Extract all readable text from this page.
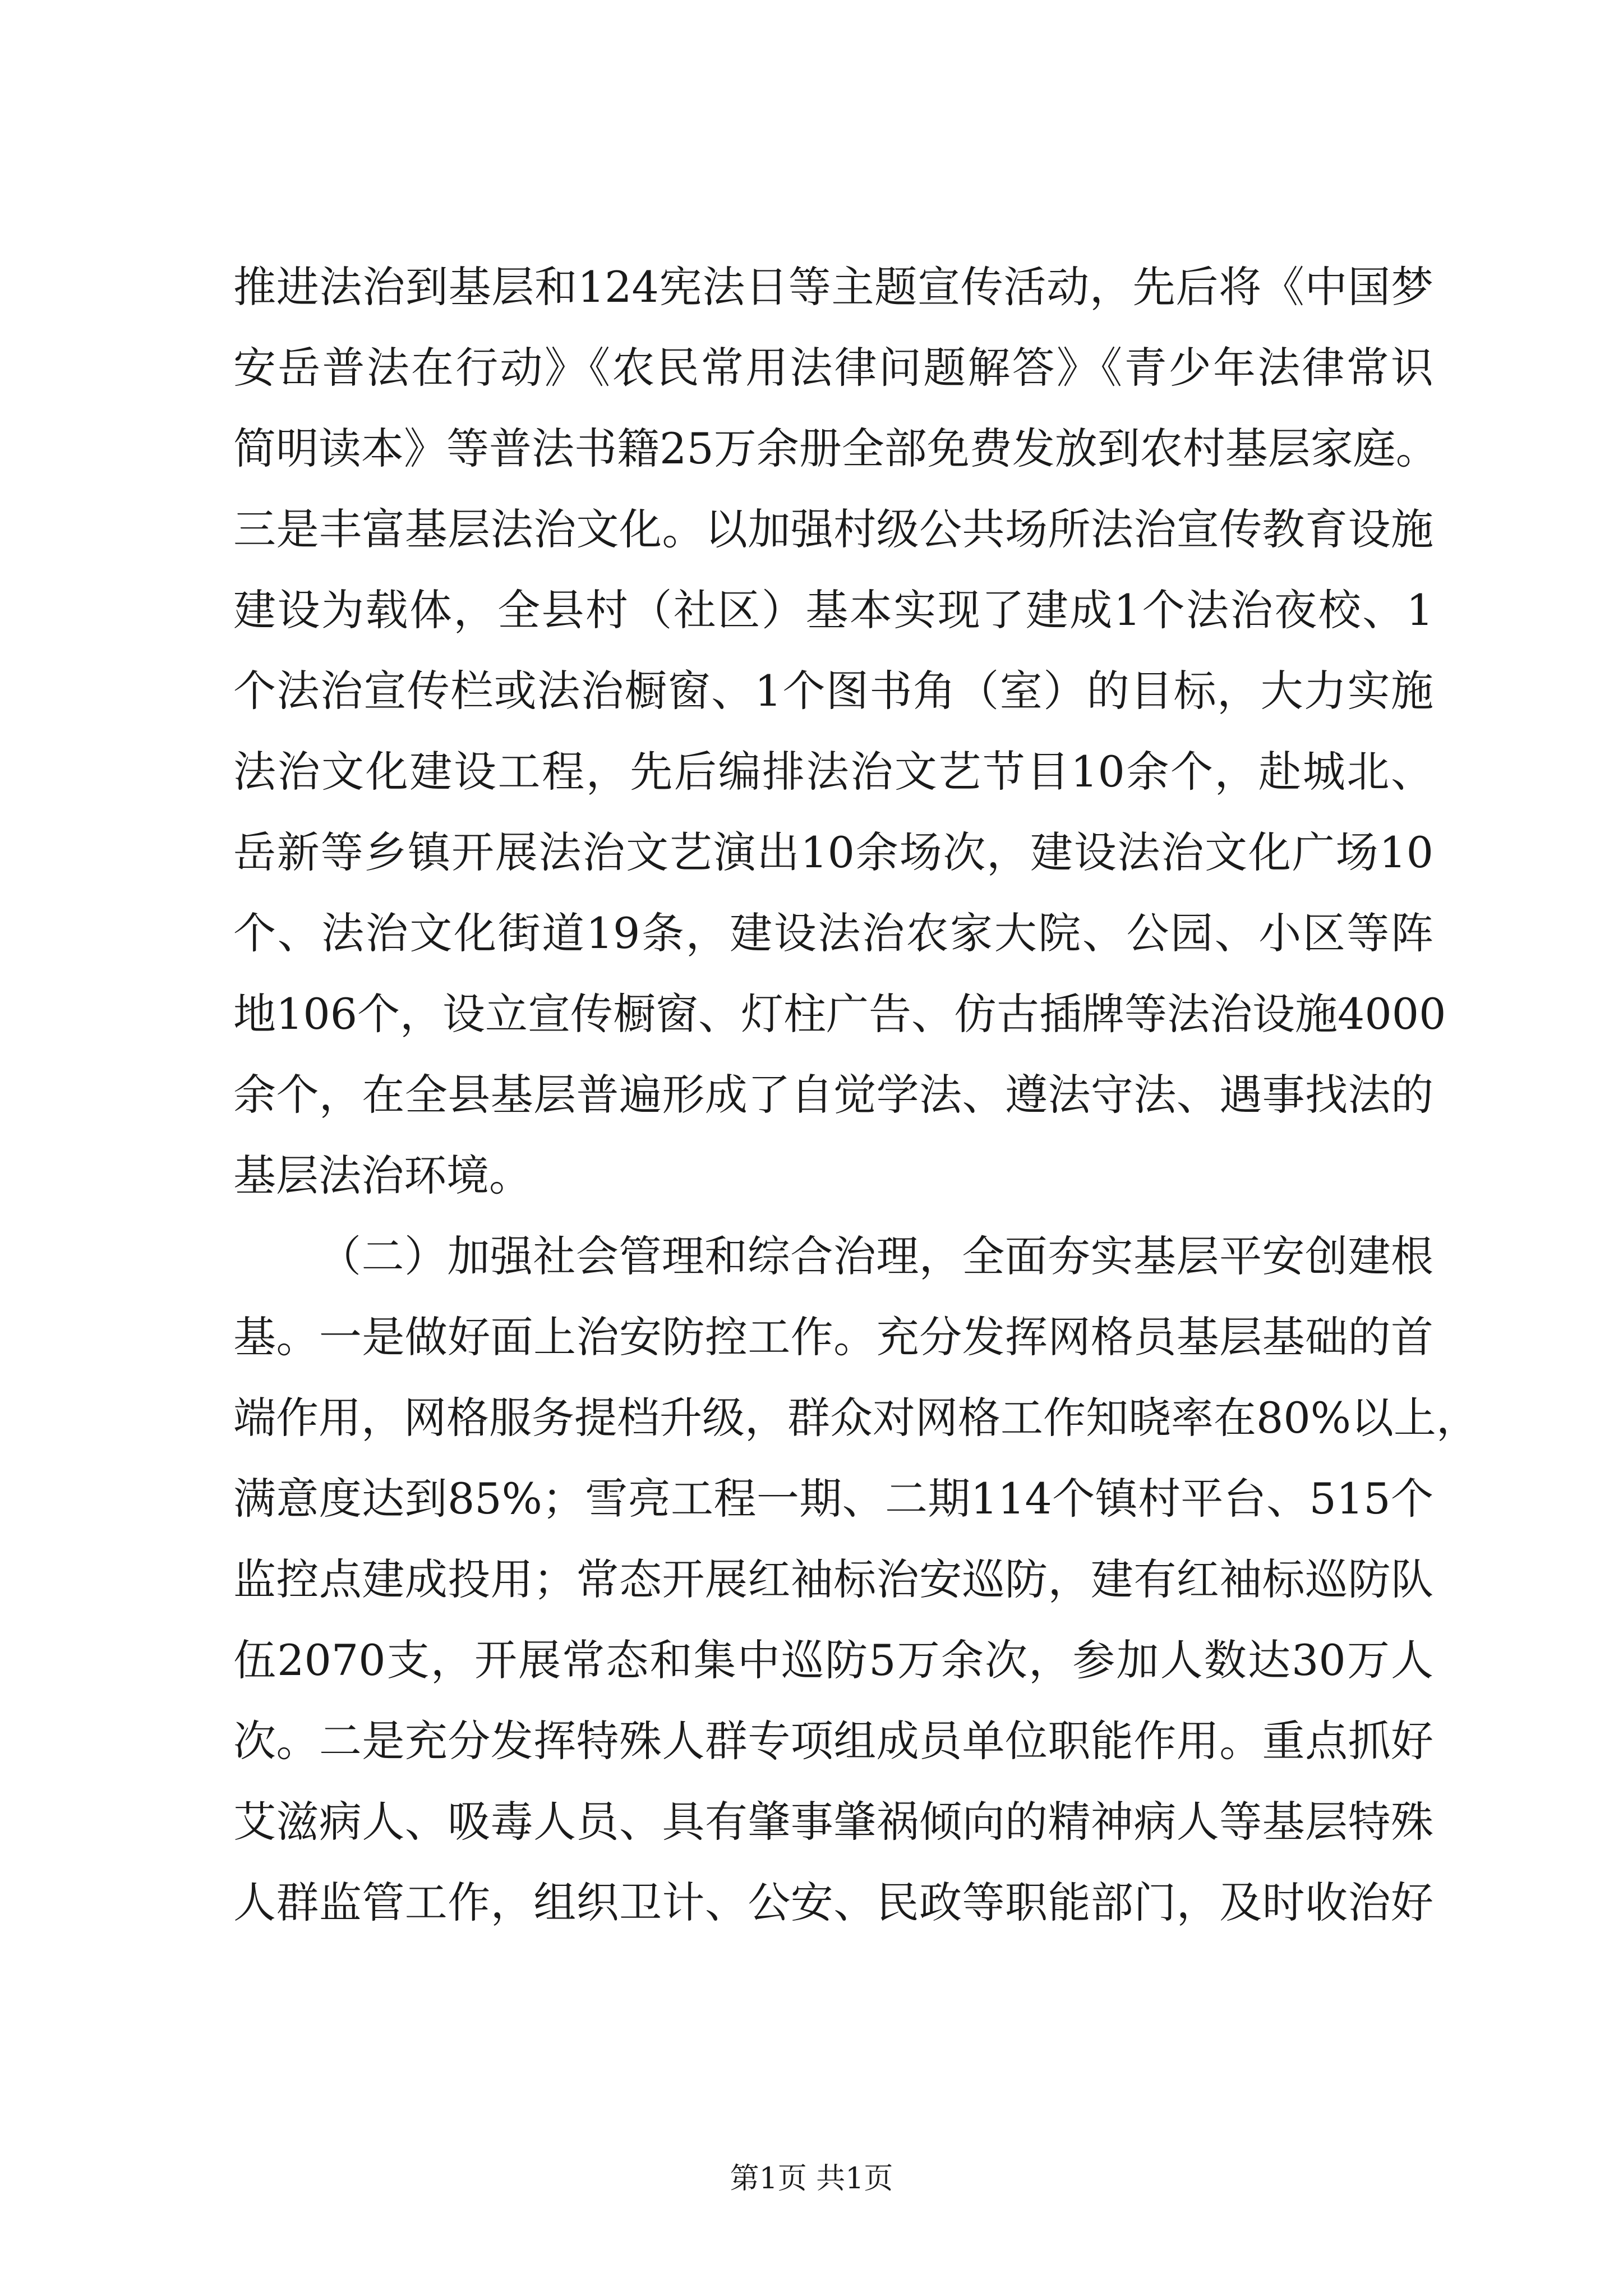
推进法治到基层和124宪法日等主题宣传活动，先后将《中国梦
安岳普法在行动》《农民常用法律问题解答》《青少年法律常识
简明读本》等普法书籍25万余册全部免费发放到农村基层家庭。
三是丰富基层法治文化。以加强村级公共场所法治宣传教育设施
建设为载体，全县村（社区）基本实现了建成1个法治夜校、1
个法治宣传栏或法治橱窗、1个图书角（室）的目标，大力实施
法治文化建设工程，先后编排法治文艺节目10余个，赴城北、
岳新等乡镇开展法治文艺演出10余场次，建设法治文化广场10
个、法治文化街道19条，建设法治农家大院、公园、小区等阵
地106个，设立宣传橱窗、灯柱广告、仿古插牌等法治设施4000
余个，在全县基层普遍形成了自觉学法、遵法守法、遇事找法的
基层法治环境。
（二）加强社会管理和综合治理，全面夯实基层平安创建根
基。一是做好面上治安防控工作。充分发挥网格员基层基础的首
端作用，网格服务提档升级，群众对网格工作知晓率在80%以上，
满意度达到85%；雪亮工程一期、二期114个镇村平台、515个
监控点建成投用；常态开展红袖标治安巡防，建有红袖标巡防队
伍2070支，开展常态和集中巡防5万余次，参加人数达30万人
次。二是充分发挥特殊人群专项组成员单位职能作用。重点抓好
艾滋病人、吸毒人员、具有肇事肇祸倾向的精神病人等基层特殊
人群监管工作，组织卫计、公安、民政等职能部门，及时收治好
第1页 共1页
